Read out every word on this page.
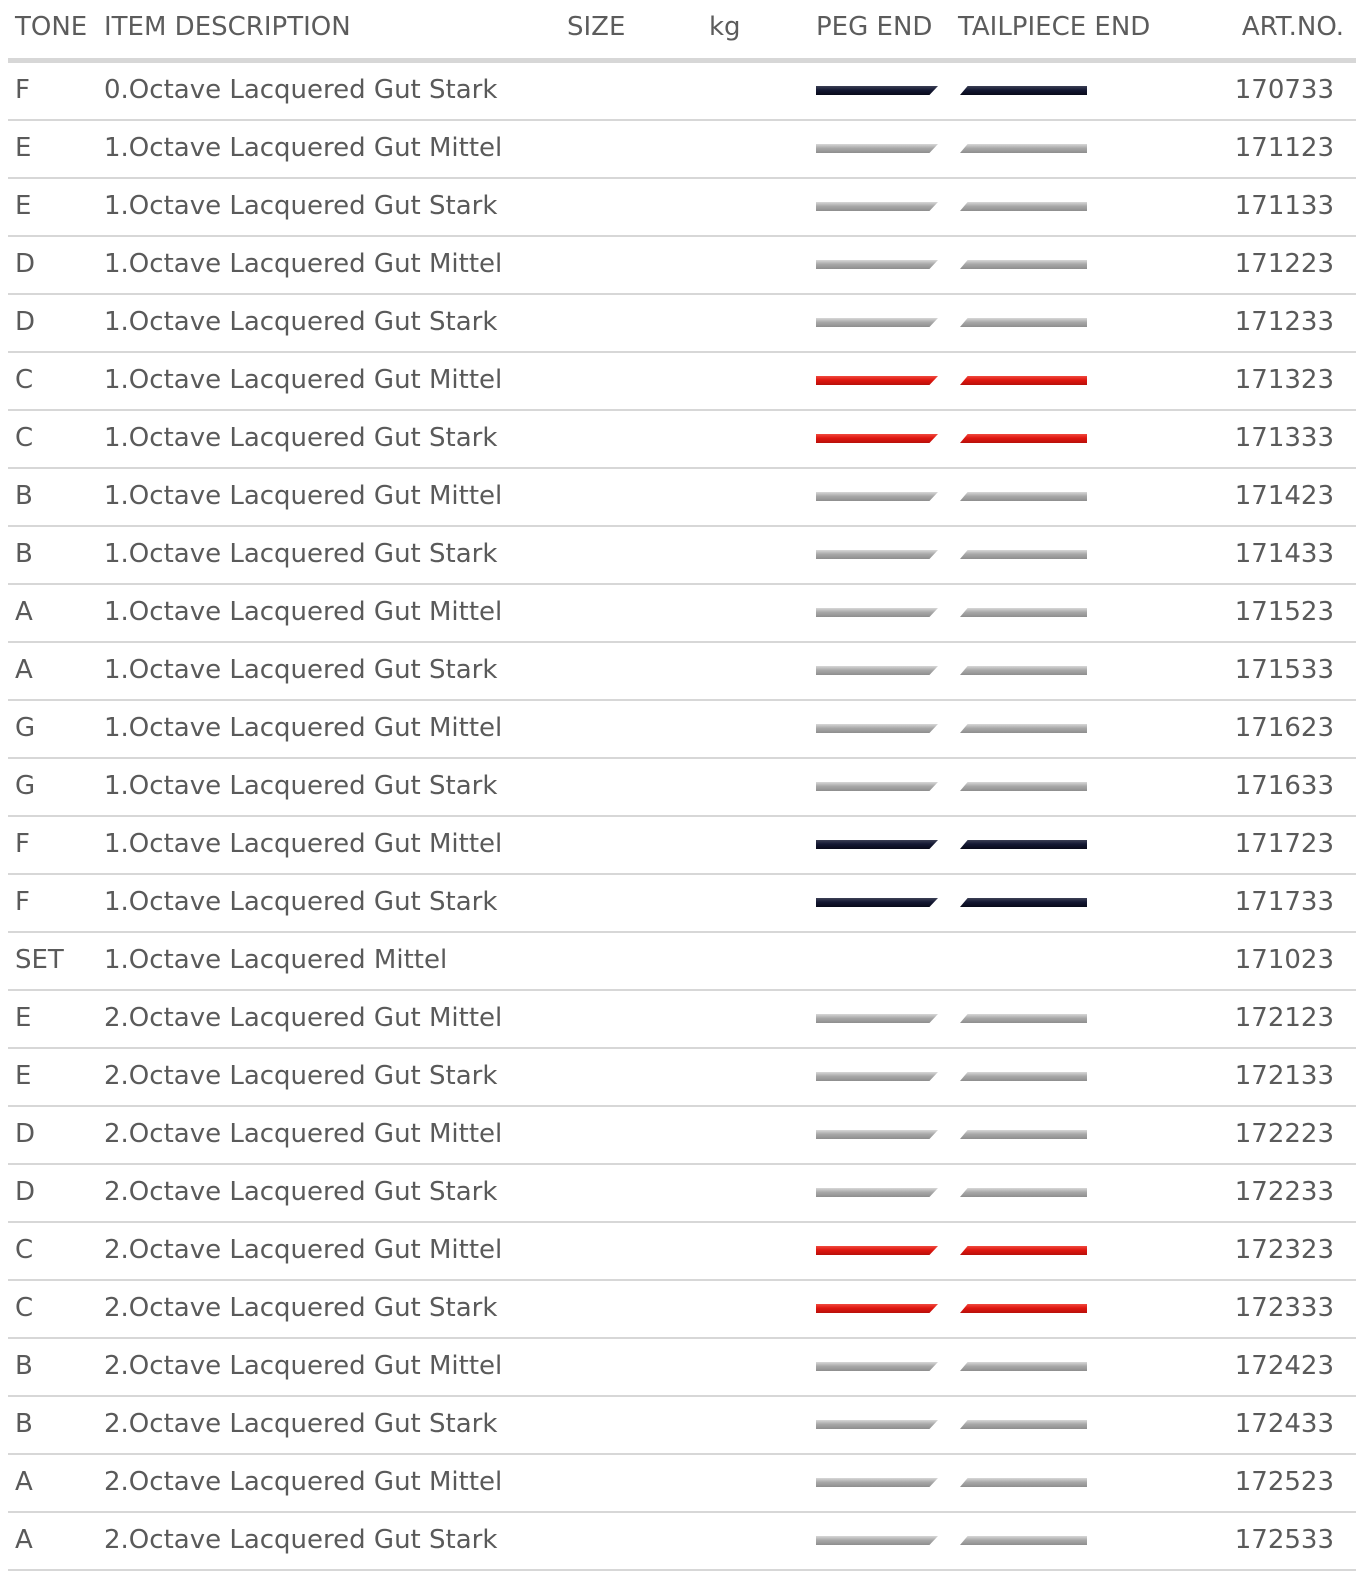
TONE ITEM DESCRIPTION	SIZE	kg	PEG END TAILPIECE END	ART.NO.
F	0.Octave Lacquered Gut Stark	170733
E	1.Octave Lacquered Gut Mittel	171123
E	1.Octave Lacquered Gut Stark	171133
D	1.Octave Lacquered Gut Mittel	171223
D	1.Octave Lacquered Gut Stark	171233
C	1.Octave Lacquered Gut Mittel	171323
C	1.Octave Lacquered Gut Stark	171333
B	1.Octave Lacquered Gut Mittel	171423
B	1.Octave Lacquered Gut Stark	171433
A	1.Octave Lacquered Gut Mittel	171523
A	1.Octave Lacquered Gut Stark	171533
G	1.Octave Lacquered Gut Mittel	171623
G	1.Octave Lacquered Gut Stark	171633
F	1.Octave Lacquered Gut Mittel	171723
F	1.Octave Lacquered Gut Stark	171733
SET 1.Octave Lacquered Mittel	171023
E	2.Octave Lacquered Gut Mittel	172123
E	2.Octave Lacquered Gut Stark	172133
D	2.Octave Lacquered Gut Mittel	172223
D	2.Octave Lacquered Gut Stark	172233
C	2.Octave Lacquered Gut Mittel	172323
C	2.Octave Lacquered Gut Stark	172333
B	2.Octave Lacquered Gut Mittel	172423
B	2.Octave Lacquered Gut Stark	172433
A	2.Octave Lacquered Gut Mittel	172523
A	2.Octave Lacquered Gut Stark	172533
